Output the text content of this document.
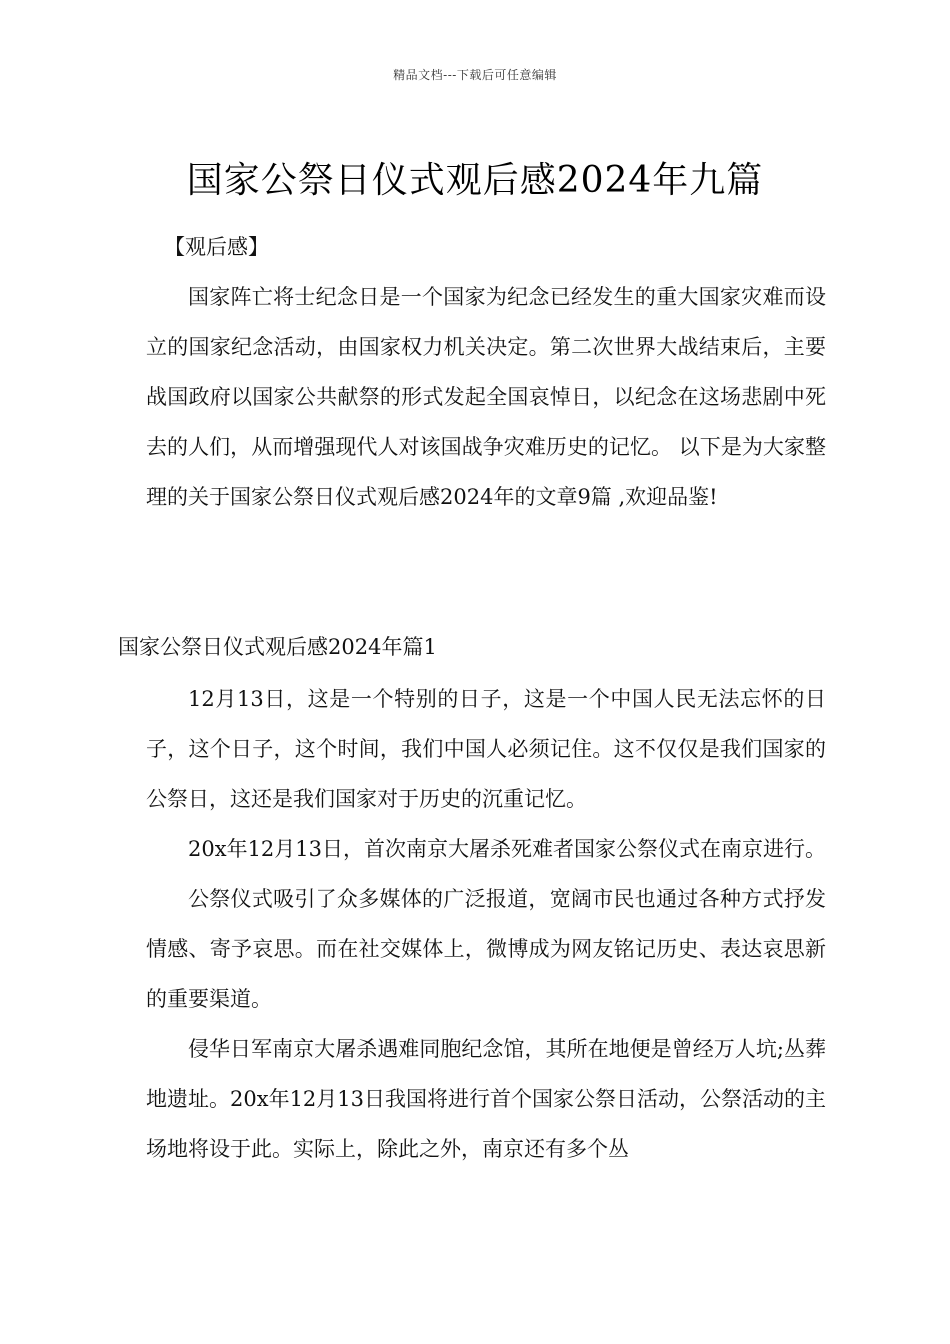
精品文档---下载后可任意编辑
国家公祭日仪式观后感2024年九篇

【观后感】

国家阵亡将士纪念日是一个国家为纪念已经发生的重大国家灾难而设立的国家纪念活动，由国家权力机关决定。第二次世界大战结束后，主要战国政府以国家公共献祭的形式发起全国哀悼日，以纪念在这场悲剧中死去的人们，从而增强现代人对该国战争灾难历史的记忆。 以下是为大家整理的关于国家公祭日仪式观后感2024年的文章9篇 ,欢迎品鉴!

国家公祭日仪式观后感2024年篇1

12月13日，这是一个特别的日子，这是一个中国人民无法忘怀的日子，这个日子，这个时间，我们中国人必须记住。这不仅仅是我们国家的公祭日，这还是我们国家对于历史的沉重记忆。

20x年12月13日，首次南京大屠杀死难者国家公祭仪式在南京进行。

公祭仪式吸引了众多媒体的广泛报道，宽阔市民也通过各种方式抒发情感、寄予哀思。而在社交媒体上，微博成为网友铭记历史、表达哀思新的重要渠道。

侵华日军南京大屠杀遇难同胞纪念馆，其所在地便是曾经万人坑;丛葬地遗址。20x年12月13日我国将进行首个国家公祭日活动，公祭活动的主场地将设于此。实际上，除此之外，南京还有多个丛
